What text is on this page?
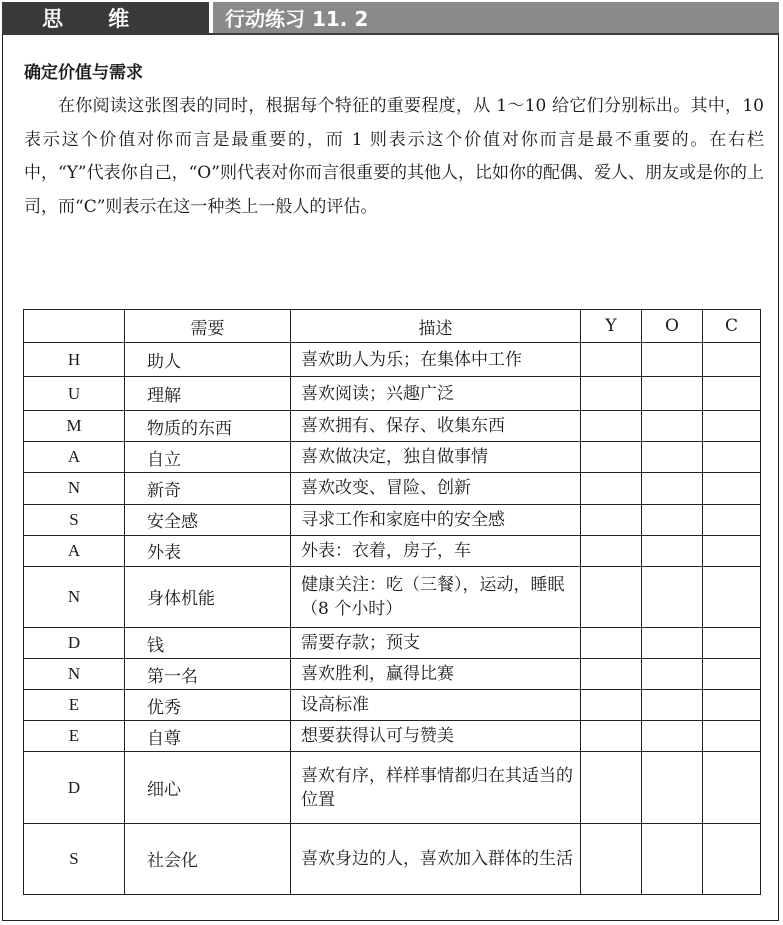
思 维	行动练习 11. 2
确定价值与需求
在你阅读这张图表的同时，根据每个特征的重要程度，从 1～10 给它们分别标出。其中，10 表示这个价值对你而言是最重要的，而 1 则表示这个价值对你而言是最不重要的。在右栏中，“Y”代表你自己，“O”则代表对你而言很重要的其他人，比如你的配偶、爱人、朋友或是你的上司，而“C”则表示在这一种类上一般人的评估。
	需要	描述	Y	O	C
H	助人	喜欢助人为乐；在集体中工作			
U	理解	喜欢阅读；兴趣广泛			
M	物质的东西	喜欢拥有、保存、收集东西			
A	自立	喜欢做决定，独自做事情			
N	新奇	喜欢改变、冒险、创新			
S	安全感	寻求工作和家庭中的安全感			
A	外表	外表：衣着，房子，车			
N	身体机能	健康关注：吃（三餐），运动，睡眠（8 个小时）			
D	钱	需要存款；预支			
N	第一名	喜欢胜利，赢得比赛			
E	优秀	设高标准			
E	自尊	想要获得认可与赞美			
D	细心	喜欢有序，样样事情都归在其适当的位置			
S	社会化	喜欢身边的人，喜欢加入群体的生活			
